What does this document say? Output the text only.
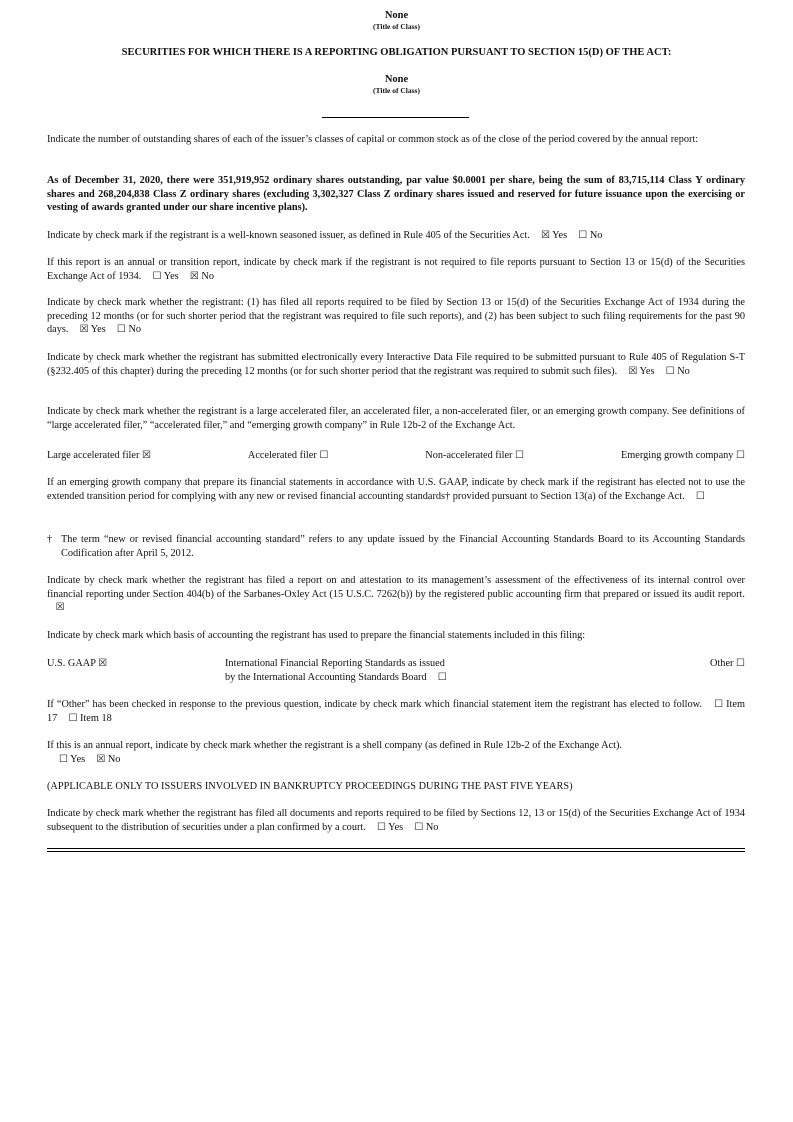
None
(Title of Class)
SECURITIES FOR WHICH THERE IS A REPORTING OBLIGATION PURSUANT TO SECTION 15(D) OF THE ACT:
None
(Title of Class)

Indicate the number of outstanding shares of each of the issuer’s classes of capital or common stock as of the close of the period covered by the annual report:

As of December 31, 2020, there were 351,919,952 ordinary shares outstanding, par value $0.0001 per share, being the sum of 83,715,114 Class Y ordinary shares and 268,204,838 Class Z ordinary shares (excluding 3,302,327 Class Z ordinary shares issued and reserved for future issuance upon the exercising or vesting of awards granted under our share incentive plans).

Indicate by check mark if the registrant is a well-known seasoned issuer, as defined in Rule 405 of the Securities Act. ☒ Yes ☐ No

If this report is an annual or transition report, indicate by check mark if the registrant is not required to file reports pursuant to Section 13 or 15(d) of the Securities Exchange Act of 1934. ☐ Yes ☒ No

Indicate by check mark whether the registrant: (1) has filed all reports required to be filed by Section 13 or 15(d) of the Securities Exchange Act of 1934 during the preceding 12 months (or for such shorter period that the registrant was required to file such reports), and (2) has been subject to such filing requirements for the past 90 days. ☒ Yes ☐ No

Indicate by check mark whether the registrant has submitted electronically every Interactive Data File required to be submitted pursuant to Rule 405 of Regulation S-T (§232.405 of this chapter) during the preceding 12 months (or for such shorter period that the registrant was required to submit such files). ☒ Yes ☐ No

Indicate by check mark whether the registrant is a large accelerated filer, an accelerated filer, a non-accelerated filer, or an emerging growth company. See definitions of “large accelerated filer,” “accelerated filer,” and “emerging growth company” in Rule 12b-2 of the Exchange Act.

Large accelerated filer ☒	Accelerated filer ☐	Non-accelerated filer ☐	Emerging growth company ☐

If an emerging growth company that prepare its financial statements in accordance with U.S. GAAP, indicate by check mark if the registrant has elected not to use the extended transition period for complying with any new or revised financial accounting standards† provided pursuant to Section 13(a) of the Exchange Act. ☐

† The term “new or revised financial accounting standard” refers to any update issued by the Financial Accounting Standards Board to its Accounting Standards Codification after April 5, 2012.

Indicate by check mark whether the registrant has filed a report on and attestation to its management’s assessment of the effectiveness of its internal control over financial reporting under Section 404(b) of the Sarbanes-Oxley Act (15 U.S.C. 7262(b)) by the registered public accounting firm that prepared or issued its audit report.  ☒

Indicate by check mark which basis of accounting the registrant has used to prepare the financial statements included in this filing:

U.S. GAAP ☒	International Financial Reporting Standards as issued
by the International Accounting Standards Board ☐
Other ☐

If “Other” has been checked in response to the previous question, indicate by check mark which financial statement item the registrant has elected to follow. ☐ Item 17 ☐ Item 18

If this is an annual report, indicate by check mark whether the registrant is a shell company (as defined in Rule 12b-2 of the Exchange Act).

☐ Yes ☒ No

(APPLICABLE ONLY TO ISSUERS INVOLVED IN BANKRUPTCY PROCEEDINGS DURING THE PAST FIVE YEARS)

Indicate by check mark whether the registrant has filed all documents and reports required to be filed by Sections 12, 13 or 15(d) of the Securities Exchange Act of 1934 subsequent to the distribution of securities under a plan confirmed by a court. ☐ Yes ☐ No
